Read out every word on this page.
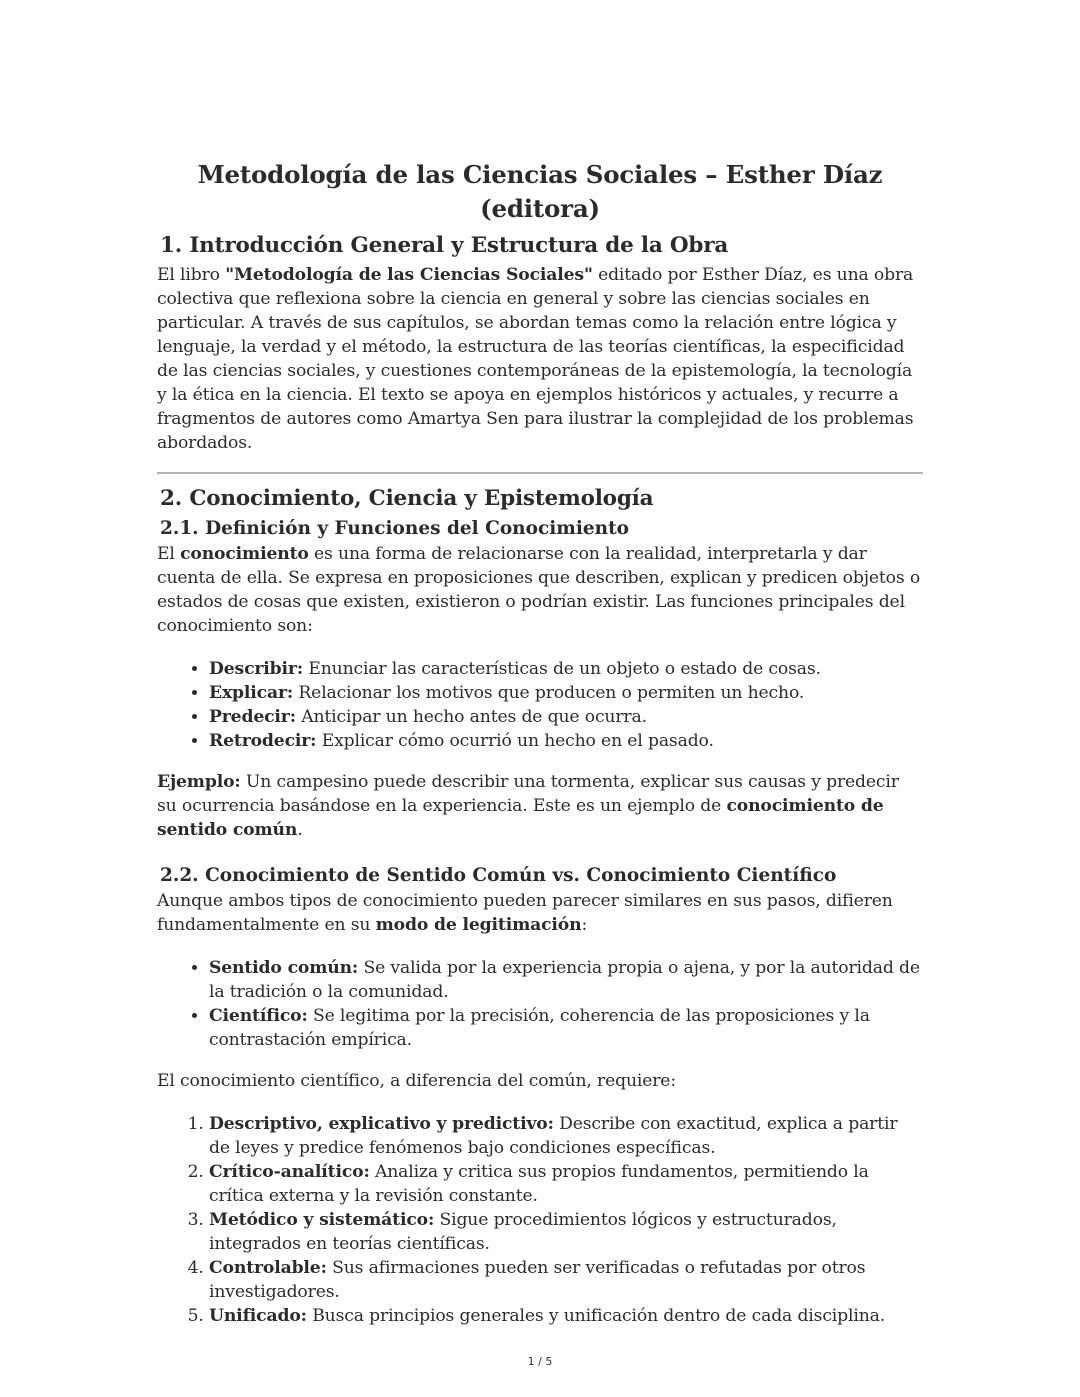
Metodología de las Ciencias Sociales – Esther Díaz (editora)
1. Introducción General y Estructura de la Obra

El libro "Metodología de las Ciencias Sociales" editado por Esther Díaz, es una obra colectiva que reflexiona sobre la ciencia en general y sobre las ciencias sociales en particular. A través de sus capítulos, se abordan temas como la relación entre lógica y lenguaje, la verdad y el método, la estructura de las teorías científicas, la especificidad de las ciencias sociales, y cuestiones contemporáneas de la epistemología, la tecnología y la ética en la ciencia. El texto se apoya en ejemplos históricos y actuales, y recurre a fragmentos de autores como Amartya Sen para ilustrar la complejidad de los problemas abordados.

2. Conocimiento, Ciencia y Epistemología
2.1. Definición y Funciones del Conocimiento

El conocimiento es una forma de relacionarse con la realidad, interpretarla y dar cuenta de ella. Se expresa en proposiciones que describen, explican y predicen objetos o estados de cosas que existen, existieron o podrían existir. Las funciones principales del conocimiento son:

• Describir: Enunciar las características de un objeto o estado de cosas.
• Explicar: Relacionar los motivos que producen o permiten un hecho.
• Predecir: Anticipar un hecho antes de que ocurra.
• Retrodecir: Explicar cómo ocurrió un hecho en el pasado.

Ejemplo: Un campesino puede describir una tormenta, explicar sus causas y predecir su ocurrencia basándose en la experiencia. Este es un ejemplo de conocimiento de sentido común.

2.2. Conocimiento de Sentido Común vs. Conocimiento Científico

Aunque ambos tipos de conocimiento pueden parecer similares en sus pasos, difieren fundamentalmente en su modo de legitimación:

• Sentido común: Se valida por la experiencia propia o ajena, y por la autoridad de la tradición o la comunidad.
• Científico: Se legitima por la precisión, coherencia de las proposiciones y la contrastación empírica.

El conocimiento científico, a diferencia del común, requiere:

1. Descriptivo, explicativo y predictivo: Describe con exactitud, explica a partir de leyes y predice fenómenos bajo condiciones específicas.
2. Crítico-analítico: Analiza y critica sus propios fundamentos, permitiendo la crítica externa y la revisión constante.
3. Metódico y sistemático: Sigue procedimientos lógicos y estructurados, integrados en teorías científicas.
4. Controlable: Sus afirmaciones pueden ser verificadas o refutadas por otros investigadores.
5. Unificado: Busca principios generales y unificación dentro de cada disciplina.
1 / 5
